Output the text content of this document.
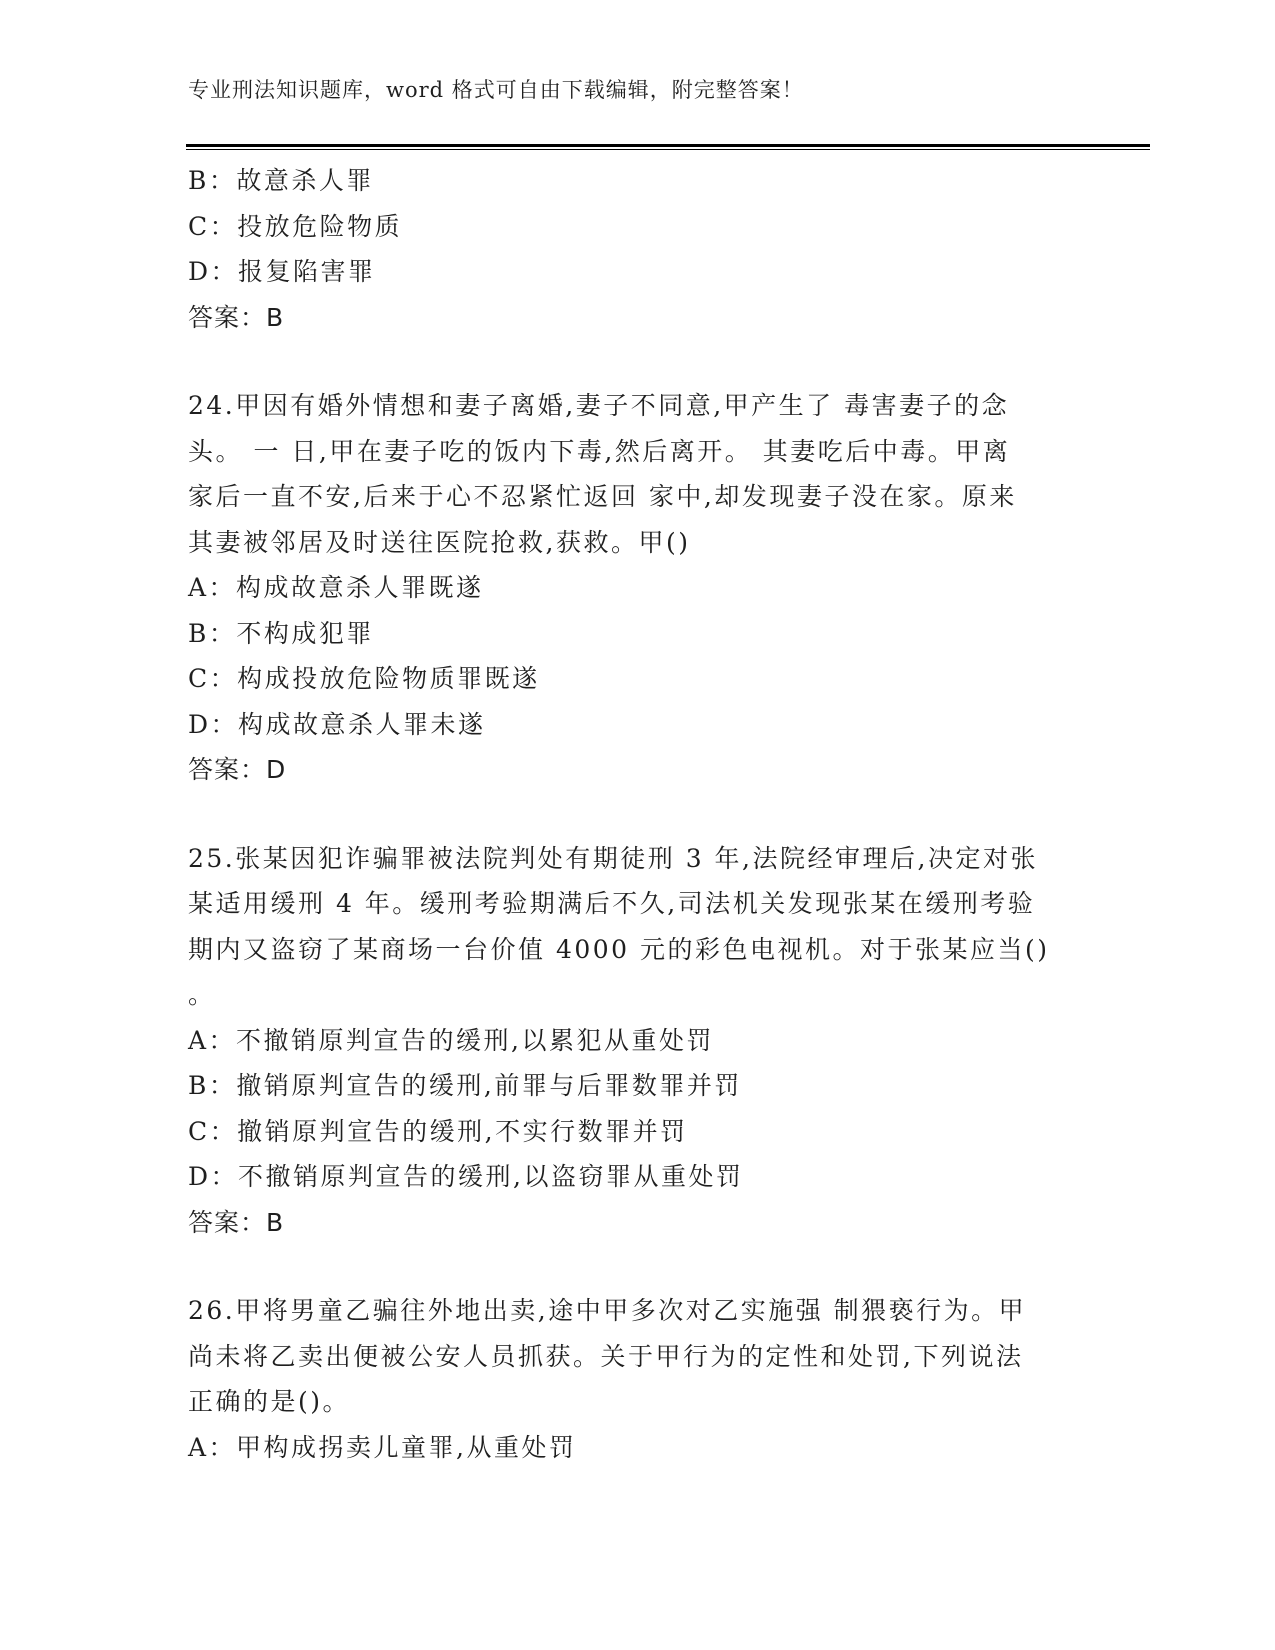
专业刑法知识题库，word 格式可自由下载编辑，附完整答案！
B：故意杀人罪
C：投放危险物质
D：报复陷害罪
答案：B
24.甲因有婚外情想和妻子离婚,妻子不同意,甲产生了 毒害妻子的念
头。 一 日,甲在妻子吃的饭内下毒,然后离开。 其妻吃后中毒。甲离
家后一直不安,后来于心不忍紧忙返回 家中,却发现妻子没在家。原来
其妻被邻居及时送往医院抢救,获救。甲()
A：构成故意杀人罪既遂
B：不构成犯罪
C：构成投放危险物质罪既遂
D：构成故意杀人罪未遂
答案：D
25.张某因犯诈骗罪被法院判处有期徒刑 3 年,法院经审理后,决定对张
某适用缓刑 4 年。缓刑考验期满后不久,司法机关发现张某在缓刑考验
期内又盗窃了某商场一台价值 4000 元的彩色电视机。对于张某应当()
。
A：不撤销原判宣告的缓刑,以累犯从重处罚
B：撤销原判宣告的缓刑,前罪与后罪数罪并罚
C：撤销原判宣告的缓刑,不实行数罪并罚
D：不撤销原判宣告的缓刑,以盗窃罪从重处罚
答案：B
26.甲将男童乙骗往外地出卖,途中甲多次对乙实施强 制猥亵行为。甲
尚未将乙卖出便被公安人员抓获。关于甲行为的定性和处罚,下列说法
正确的是()。
A：甲构成拐卖儿童罪,从重处罚
